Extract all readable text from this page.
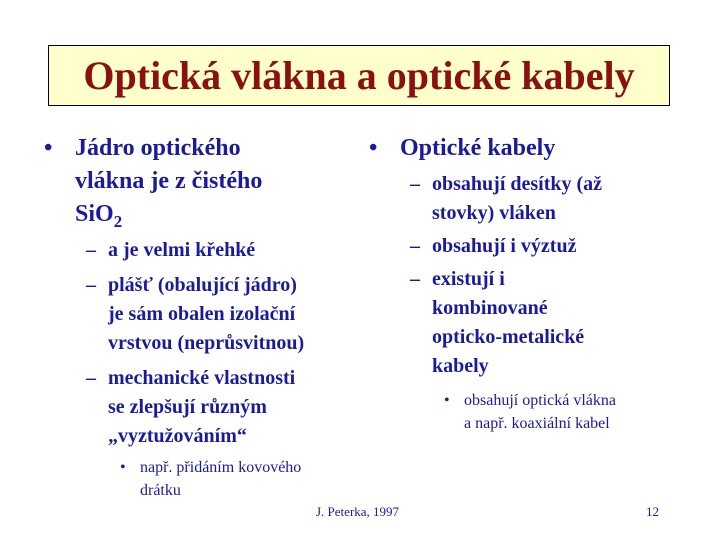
Optická vlákna a optické kabely
• Jádro optického
vlákna je z čistého
SiO$_2$
– a je velmi křehké
– plášť (obalující jádro)
je sám obalen izolační
vrstvou (neprůsvitnou)
– mechanické vlastnosti
se zlepšují různým
„vyztužováním“
• např. přidáním kovového
drátku
• Optické kabely
– obsahují desítky (až
stovky) vláken
– obsahují i výztuž
– existují i
kombinované
opticko-metalické
kabely
• obsahují optická vlákna
a např. koaxiální kabel
J. Peterka, 1997	12
